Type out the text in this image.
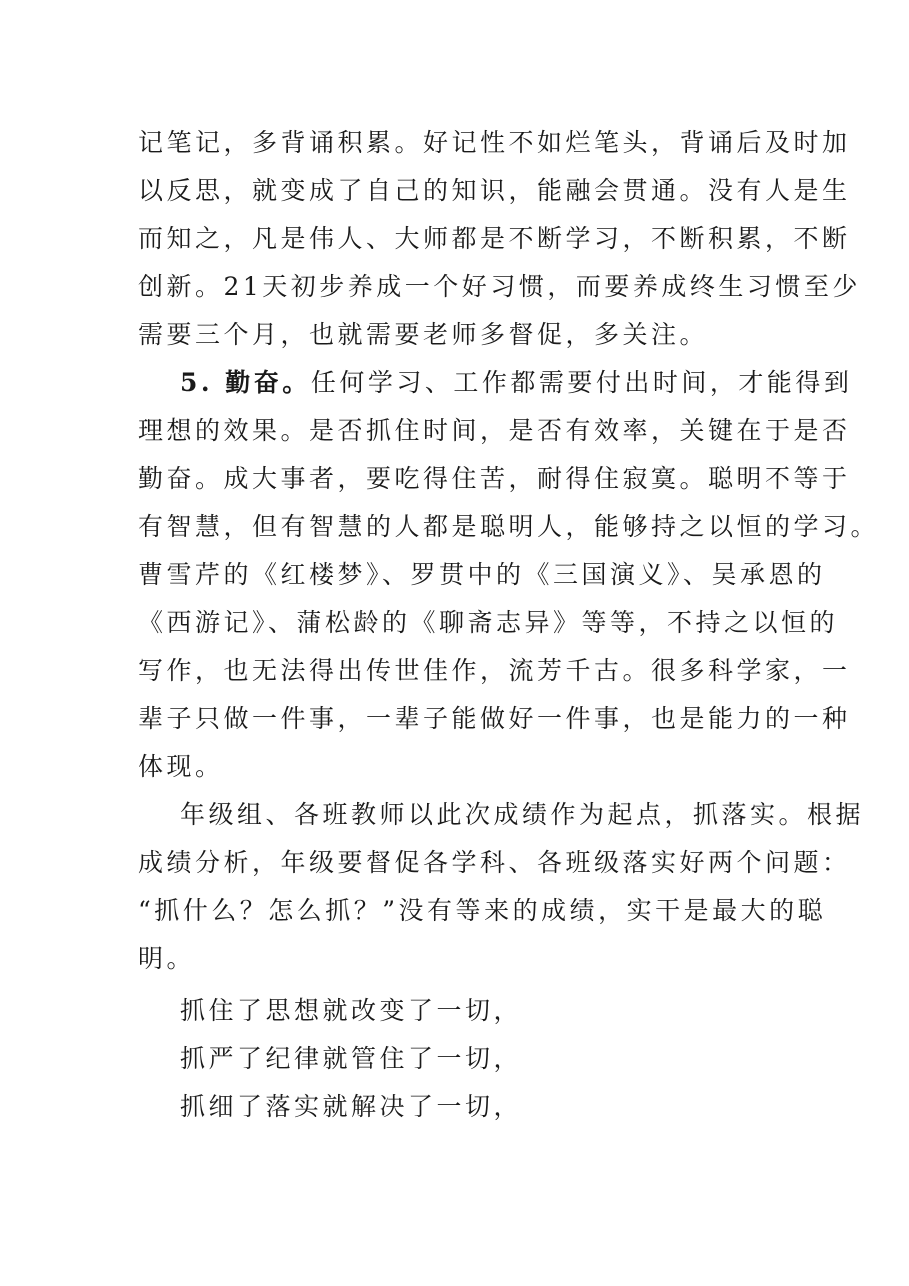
记笔记，多背诵积累。好记性不如烂笔头，背诵后及时加

以反思，就变成了自己的知识，能融会贯通。没有人是生

而知之，凡是伟人、大师都是不断学习，不断积累，不断

创新。21天初步养成一个好习惯，而要养成终生习惯至少

需要三个月，也就需要老师多督促，多关注。

5. 勤奋。任何学习、工作都需要付出时间，才能得到

理想的效果。是否抓住时间，是否有效率，关键在于是否

勤奋。成大事者，要吃得住苦，耐得住寂寞。聪明不等于

有智慧，但有智慧的人都是聪明人，能够持之以恒的学习。

曹雪芹的《红楼梦》、罗贯中的《三国演义》、吴承恩的

《西游记》、蒲松龄的《聊斋志异》等等，不持之以恒的

写作，也无法得出传世佳作，流芳千古。很多科学家，一

辈子只做一件事，一辈子能做好一件事，也是能力的一种

体现。

年级组、各班教师以此次成绩作为起点，抓落实。根据

成绩分析，年级要督促各学科、各班级落实好两个问题：

“抓什么？怎么抓？”没有等来的成绩，实干是最大的聪

明。

抓住了思想就改变了一切，

抓严了纪律就管住了一切，

抓细了落实就解决了一切，
